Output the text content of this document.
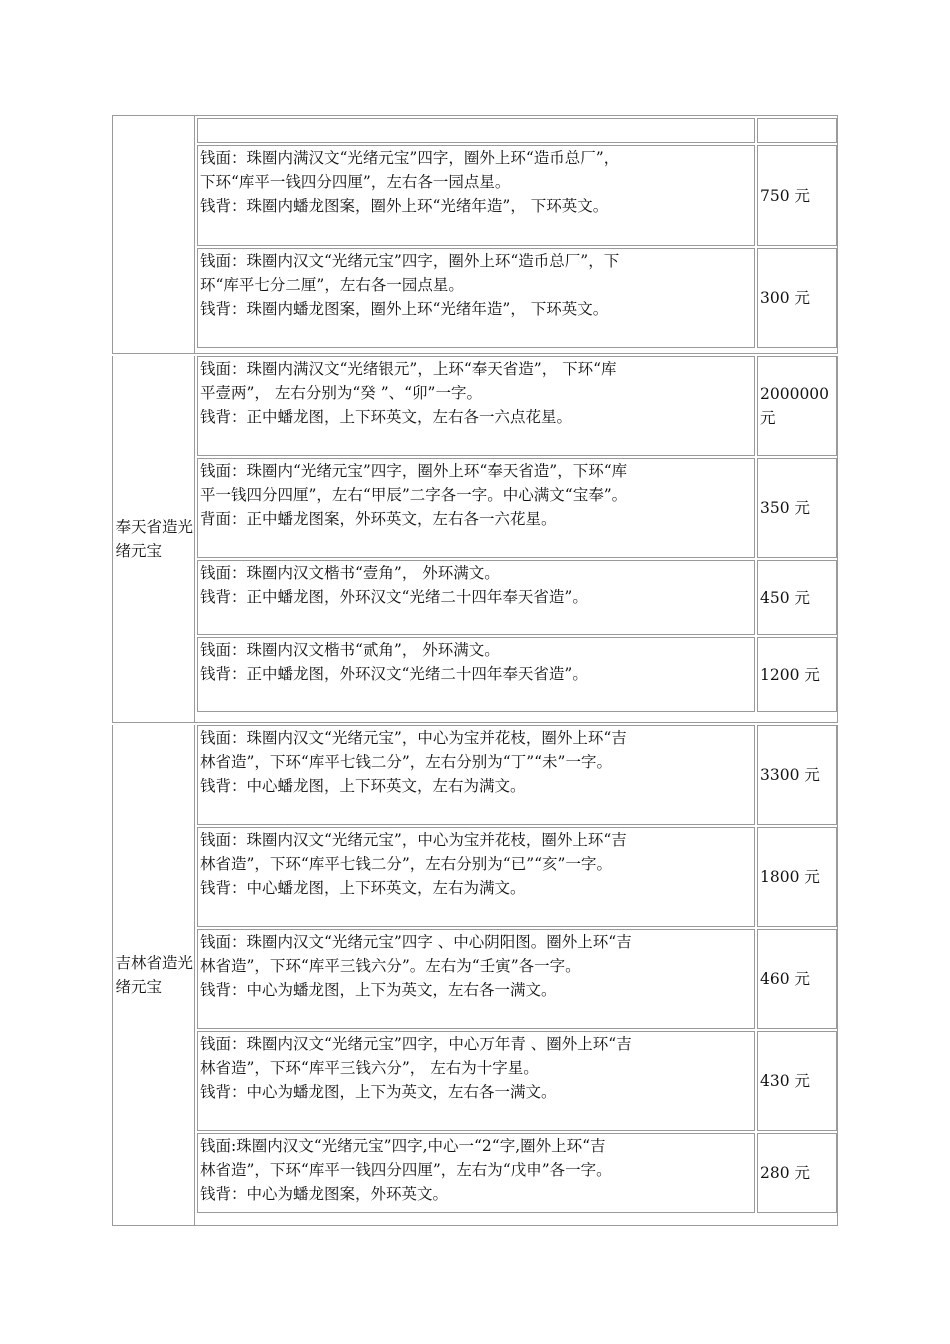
钱面：珠圈内满汉文“光绪元宝”四字，圈外上环“造币总厂”，
下环“库平一钱四分四厘”，左右各一园点星。
钱背：珠圈内蟠龙图案，圈外上环“光绪年造”， 下环英文。
750 元
钱面：珠圈内汉文“光绪元宝”四字，圈外上环“造币总厂”，下
环“库平七分二厘”，左右各一园点星。
钱背：珠圈内蟠龙图案，圈外上环“光绪年造”， 下环英文。
300 元
奉天省造光绪元宝
钱面：珠圈内满汉文“光绪银元”，上环“奉天省造”， 下环“库
平壹两”， 左右分别为“癸 ”、“卯”一字。
钱背：正中蟠龙图，上下环英文，左右各一六点花星。
2000000元
钱面：珠圈内“光绪元宝”四字，圈外上环“奉天省造”，下环“库
平一钱四分四厘”，左右“甲辰”二字各一字。中心满文“宝奉”。
背面：正中蟠龙图案，外环英文，左右各一六花星。
350 元
钱面：珠圈内汉文楷书“壹角”， 外环满文。
钱背：正中蟠龙图，外环汉文“光绪二十四年奉天省造”。	450 元
钱面：珠圈内汉文楷书“贰角”， 外环满文。
钱背：正中蟠龙图，外环汉文“光绪二十四年奉天省造”。	1200 元
吉林省造光绪元宝
钱面：珠圈内汉文“光绪元宝”，中心为宝并花枝，圈外上环“吉
林省造”，下环“库平七钱二分”，左右分别为“丁”“未”一字。
钱背：中心蟠龙图，上下环英文，左右为满文。
3300 元
钱面：珠圈内汉文“光绪元宝”，中心为宝并花枝，圈外上环“吉
林省造”，下环“库平七钱二分”，左右分别为“已”“亥”一字。
钱背：中心蟠龙图，上下环英文，左右为满文。
1800 元
钱面：珠圈内汉文“光绪元宝”四字 、中心阴阳图。圈外上环“吉
林省造”，下环“库平三钱六分”。左右为“壬寅”各一字。
钱背：中心为蟠龙图，上下为英文，左右各一满文。
460 元
钱面：珠圈内汉文“光绪元宝”四字，中心万年青 、圈外上环“吉
林省造”，下环“库平三钱六分”， 左右为十字星。
钱背：中心为蟠龙图，上下为英文，左右各一满文。
430 元
钱面:珠圈内汉文“光绪元宝”四字,中心一“2“字,圈外上环“吉
林省造”，下环“库平一钱四分四厘”，左右为“戊申”各一字。
钱背：中心为蟠龙图案，外环英文。
280 元
